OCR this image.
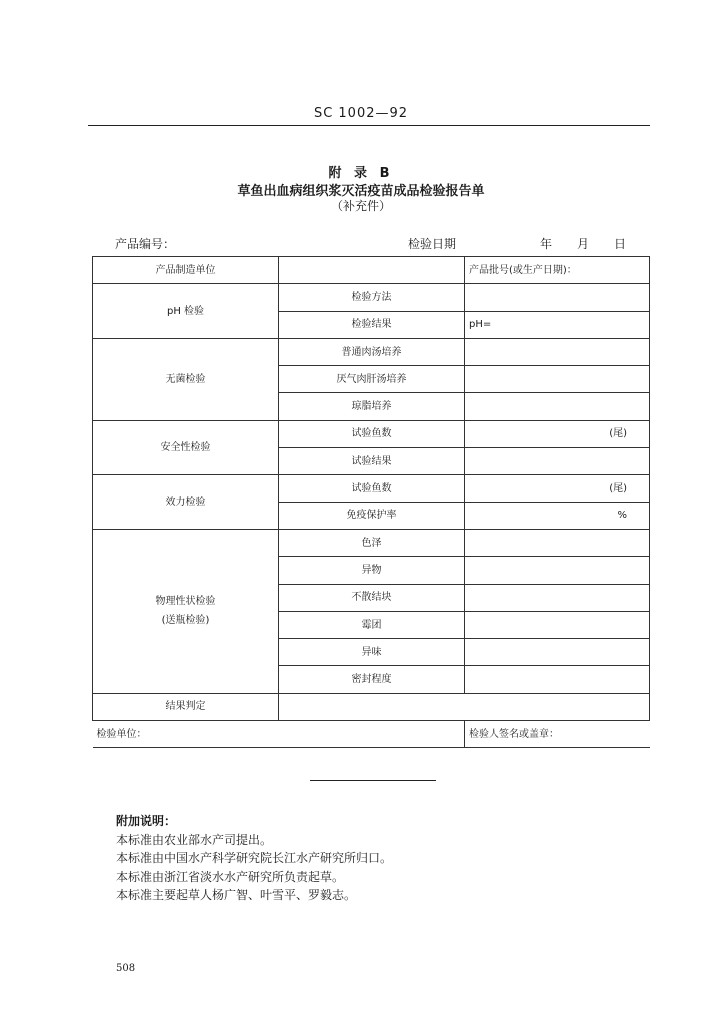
SC 1002—92
附 录 B
草鱼出血病组织浆灭活疫苗成品检验报告单
（补充件）
产品编号：	检验日期	年 月 日
产品制造单位		产品批号(或生产日期)：
pH 检验	检验方法	
	检验结果	pH=
无菌检验	普通肉汤培养	
	厌气肉肝汤培养	
	琼脂培养	
安全性检验	试验鱼数	(尾)
	试验结果	
效力检验	试验鱼数	(尾)
	免疫保护率	%

物理性状检验
(送瓶检验)	色泽	
	异物	
	不散结块	
	霉团	
	异味	
	密封程度	
结果判定		
检验单位：		检验人签名或盖章：
附加说明：
本标准由农业部水产司提出。
本标准由中国水产科学研究院长江水产研究所归口。
本标准由浙江省淡水水产研究所负责起草。
本标准主要起草人杨广智、叶雪平、罗毅志。
508
